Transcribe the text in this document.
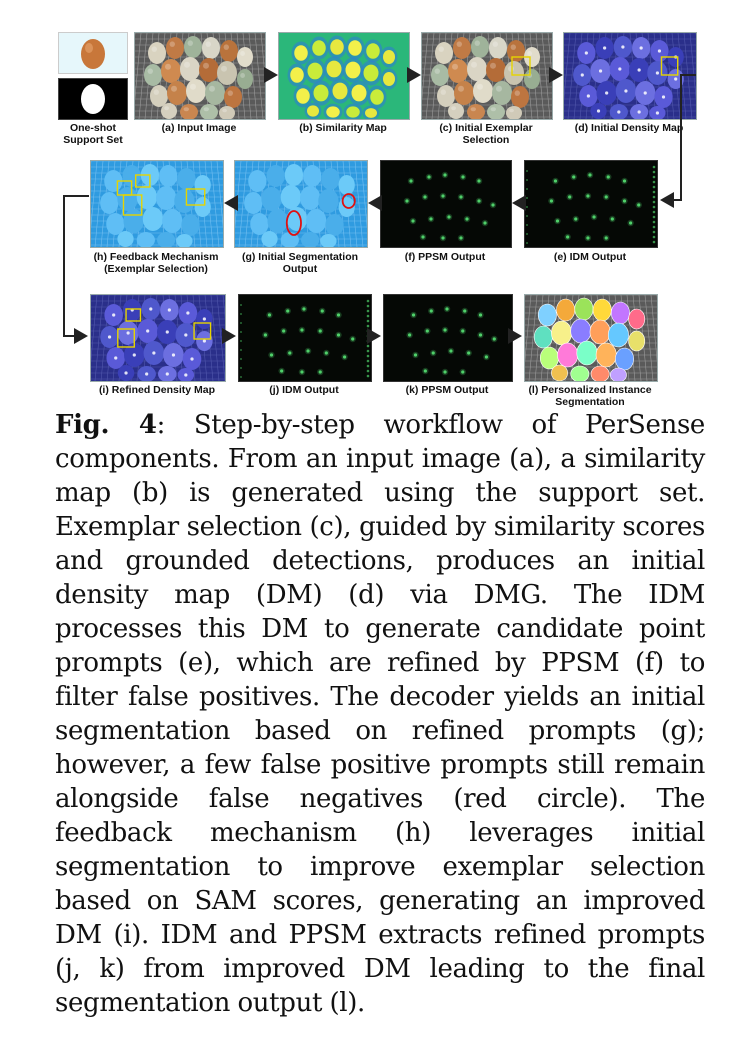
One-shot Support Set
(a) Input Image	(b) Similarity Map	(c) Initial Exemplar Selection
(d) Initial Density Map
(h) Feedback Mechanism (Exemplar Selection)
(g) Initial Segmentation Output
(f) PPSM Output	(e) IDM Output
(i) Refined Density Map	(j) IDM Output	(k) PPSM Output	(l) Personalized Instance Segmentation
Fig. 4: Step-by-step workflow of PerSense components. From an input image (a), a similarity map (b) is generated using the support set. Exemplar selection (c), guided by similarity scores and grounded detections, produces an initial density map (DM) (d) via DMG. The IDM processes this DM to generate candidate point prompts (e), which are refined by PPSM (f) to filter false positives. The decoder yields an initial segmentation based on refined prompts (g); however, a few false positive prompts still remain alongside false negatives (red circle). The feedback mechanism (h) leverages initial segmentation to improve exemplar selection based on SAM scores, generating an improved DM (i). IDM and PPSM extracts refined prompts (j, k) from improved DM leading to the final segmentation output (l).
